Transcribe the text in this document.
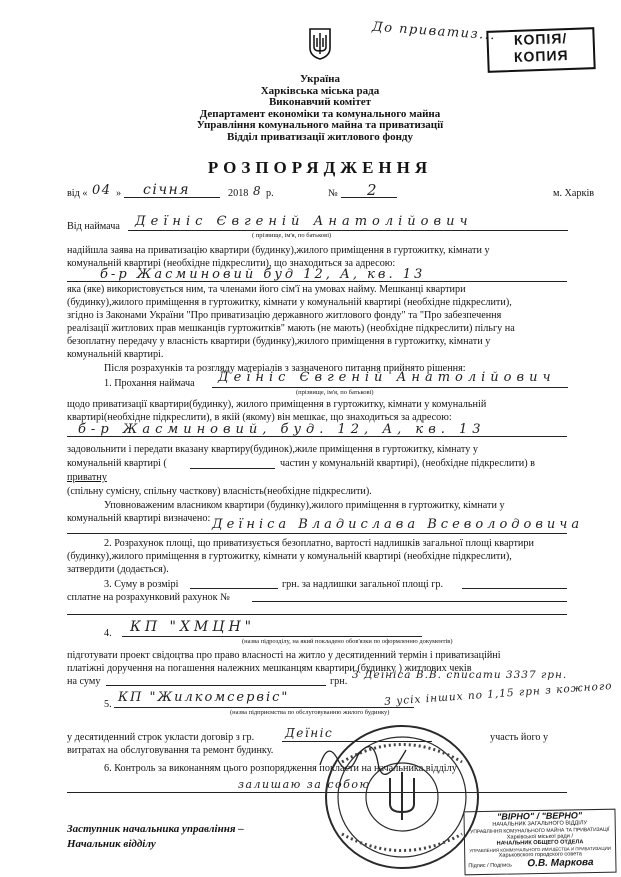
До приватиз...	КОПІЯ/
КОПИЯ
Україна
Харківська міська рада
Виконавчий комітет
Департамент економіки та комунального майна
Управління комунального майна та приватизації
Відділ приватизації житлового фонду
РОЗПОРЯДЖЕННЯ
від « 04 » січня	2018 8 р.	№ 2	м. Харків
Від наймача Деїніс Євгеній Анатолійович
( прізвище, ім'я, по батькові)
надійшла заява на приватизацію квартири (будинку),жилого приміщення в гуртожитку, кімнати у
комунальній квартирі (необхідне підкреслити), що знаходиться за адресою:
б-р Жасминовий буд 12, А, кв. 13
яка (яке) використовується ним, та членами його сім'ї на умовах найму. Мешканці квартири
(будинку),жилого приміщення в гуртожитку, кімнати у комунальній квартирі (необхідне підкреслити),
згідно із Законами України "Про приватизацію державного житлового фонду" та "Про забезпечення
реалізації житлових прав мешканців гуртожитків" мають (не мають) (необхідне підкреслити) пільгу на
безоплатну передачу у власність квартири (будинку),жилого приміщення в гуртожитку, кімнати у
комунальній квартирі.
Після розрахунків та розгляду матеріалів з зазначеного питання прийнято рішення:
1. Прохання наймача Деїніс Євгеній Анатолійович
(прізвище, ім'я, по батькові)
щодо приватизації квартири(будинку), жилого приміщення в гуртожитку, кімнати у комунальній
квартирі(необхідне підкреслити), в якій (якому) він мешкає, що знаходиться за адресою:
б-р Жасминовий, буд. 12, А, кв. 13
задовольнити і передати вказану квартиру(будинок),жиле приміщення в гуртожитку, кімнату у
комунальній квартирі (	частин у комунальній квартирі), (необхідне підкреслити) в
приватну
(спільну сумісну, спільну часткову) власність(необхідне підкреслити).
Уповноваженим власником квартири (будинку),жилого приміщення в гуртожитку, кімнати у
комунальній квартирі визначено: Деїніса Владислава Всеволодовича
2. Розрахунок площі, що приватизується безоплатно, вартості надлишків загальної площі квартири
(будинку),жилого приміщення в гуртожитку, кімнати у комунальній квартирі (необхідне підкреслити),
затвердити (додається).
3. Суму в розмірі	грн. за надлишки загальної площі гр.
сплатне на розрахунковий рахунок №
4. КП "ХМЦН"
(назва підрозділу, на який покладено обов'язки по оформленню документів)
підготувати проект свідоцтва про право власності на житло у десятиденний термін і приватизаційні
платіжні доручення на погашення належних мешканцям квартири (будинку ) житлових чеків
на суму	грн.
3 Деїніса В.В. списати 3337 грн.
3 усіх інших по 1,15 грн з кожного
5. КП "Жилкомсервіс"
(назва підприємства по обслуговуванню жилого будинку)
у десятиденний строк укласти договір з гр.	Деїніс	участь його у
витратах на обслуговування та ремонт будинку.
6. Контроль за виконанням цього розпорядження покласти на начальника відділу
залишаю за собою
Заступник начальника управління –
Начальник відділу
"ВІРНО" / "ВЕРНО"
НАЧАЛЬНИК ЗАГАЛЬНОГО ВІДДІЛУ
УПРАВЛІННЯ КОМУНАЛЬНОГО МАЙНА ТА ПРИВАТИЗАЦІЇ
Харківської міської ради /
НАЧАЛЬНИК ОБЩЕГО ОТДЕЛА
УПРАВЛЕНИЯ КОММУНАЛЬНОГО ИМУЩЕСТВА И ПРИВАТИЗАЦИИ
Харьковского городского совета
Підпис / Подпись О.В. Маркова
